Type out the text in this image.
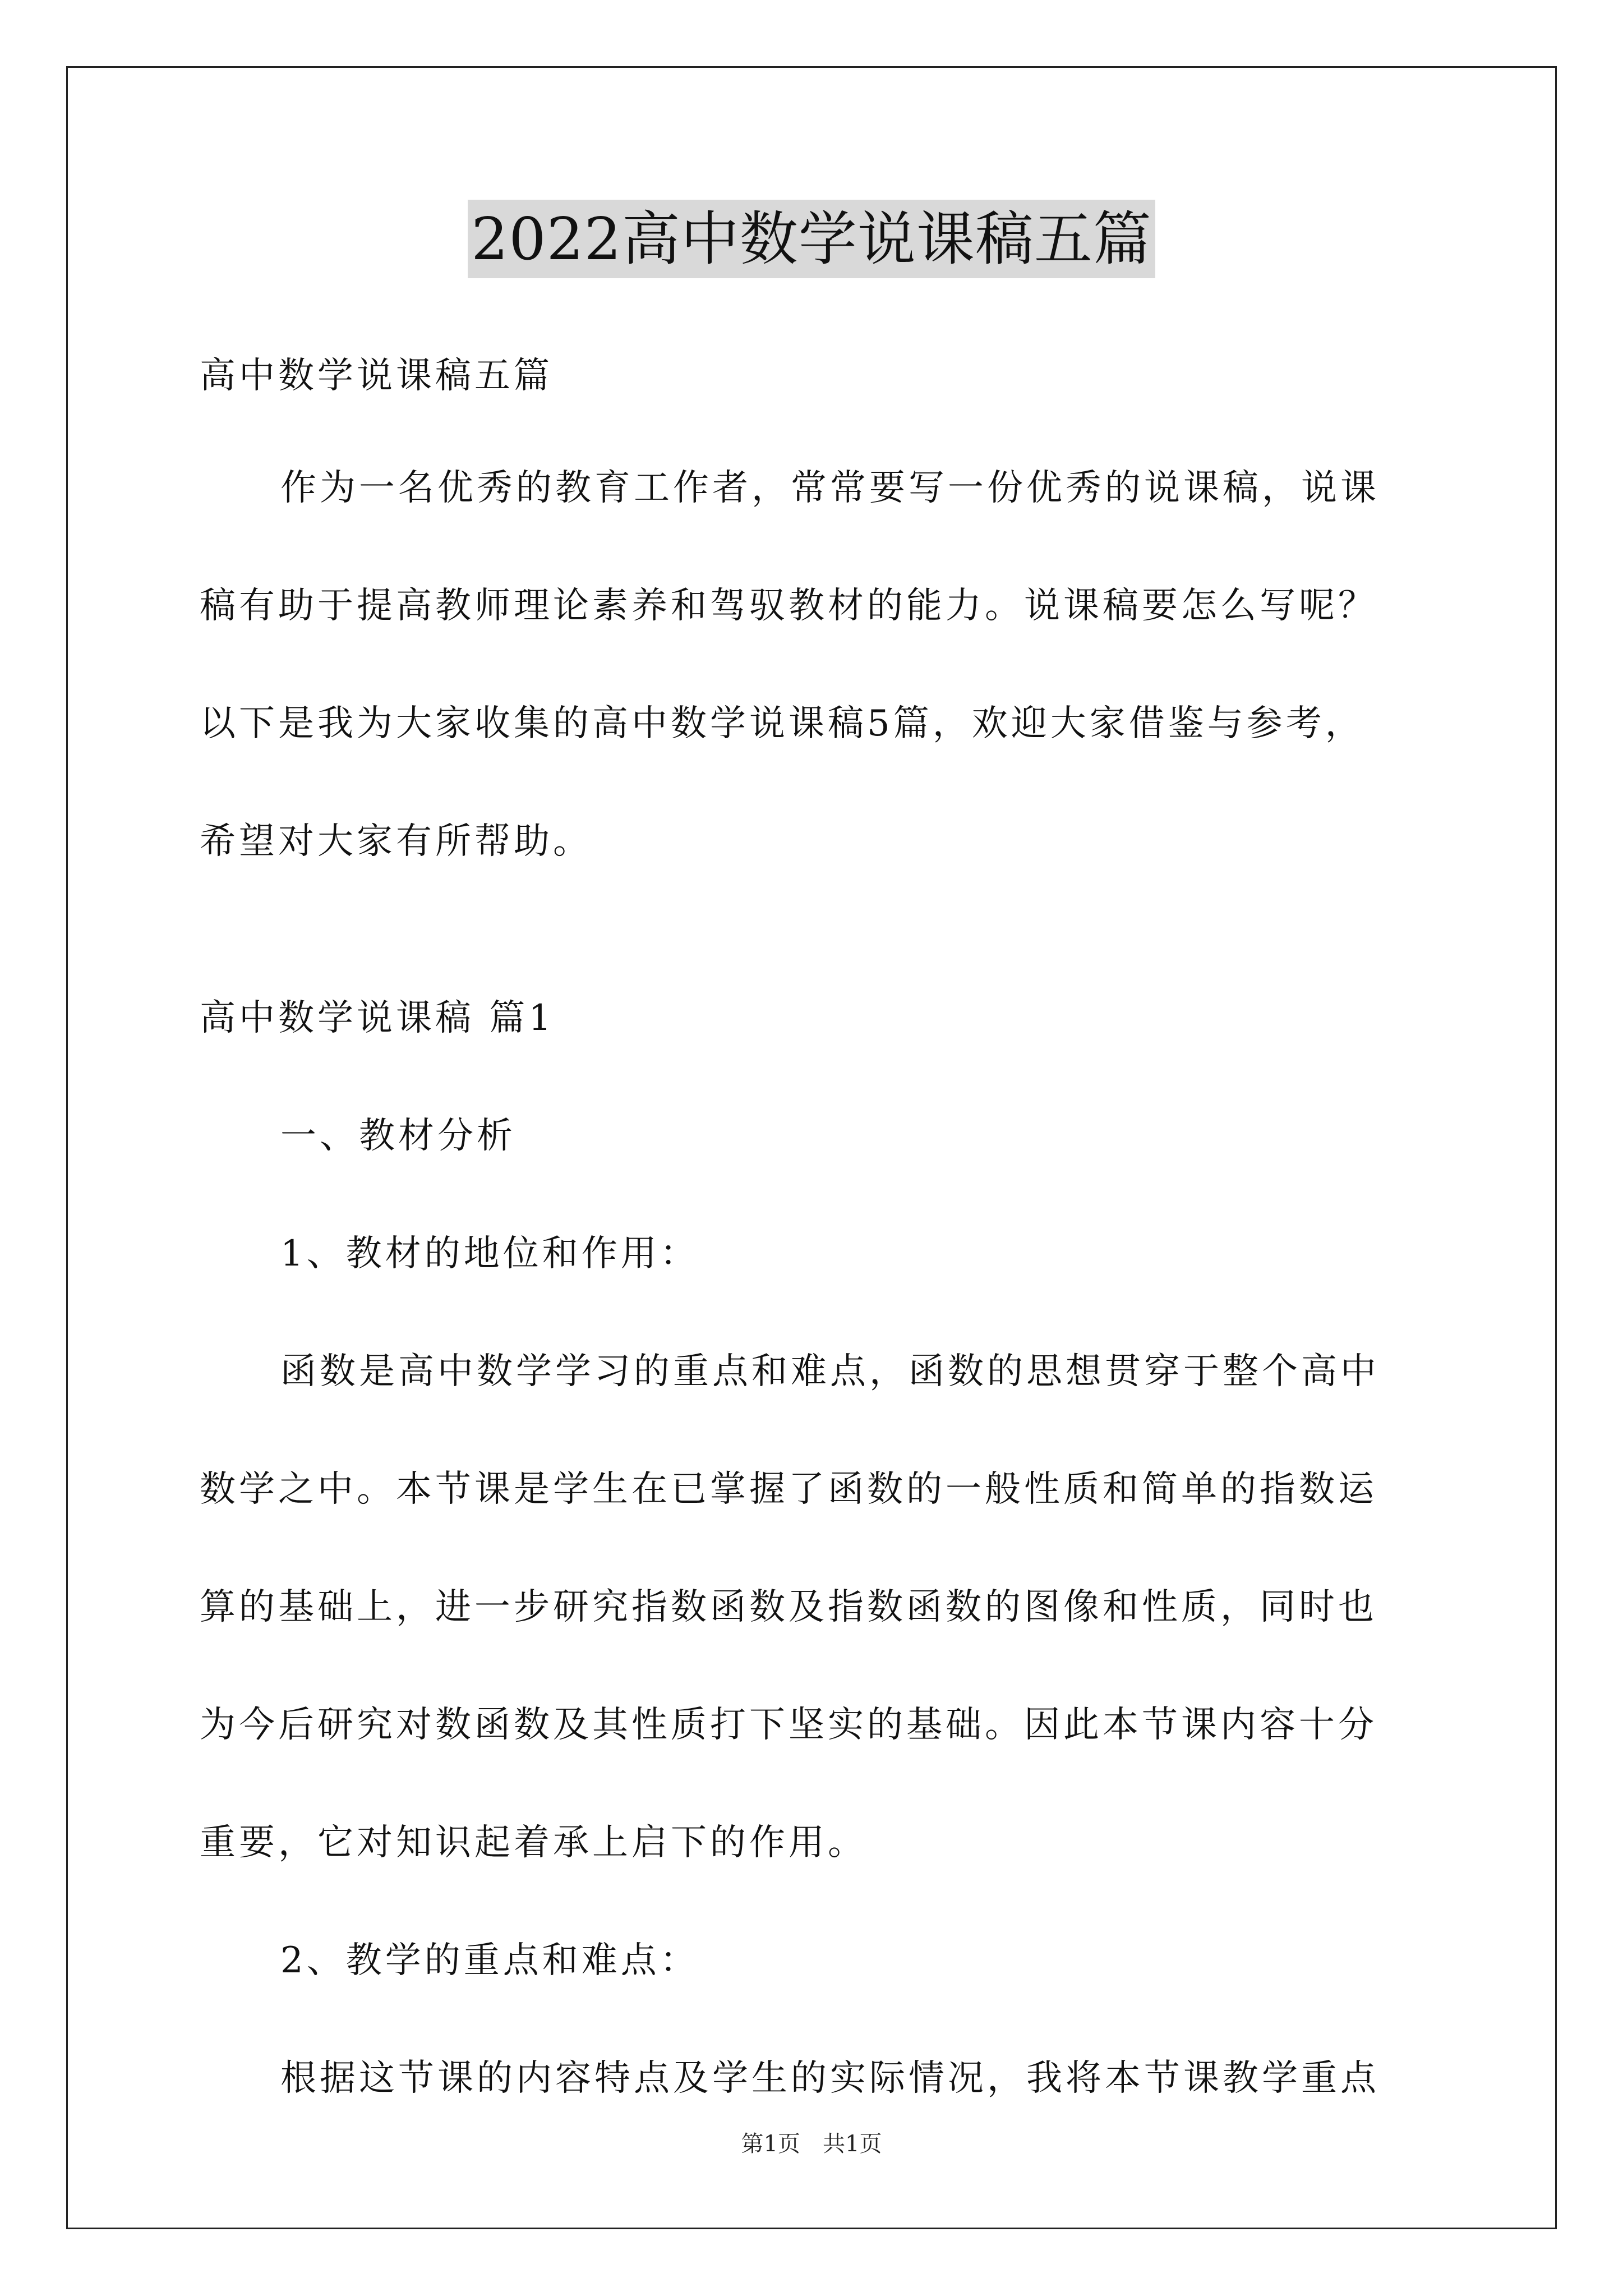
2022高中数学说课稿五篇
高中数学说课稿五篇
作为一名优秀的教育工作者，常常要写一份优秀的说课稿，说课
稿有助于提高教师理论素养和驾驭教材的能力。说课稿要怎么写呢？
以下是我为大家收集的高中数学说课稿5篇，欢迎大家借鉴与参考，
希望对大家有所帮助。
高中数学说课稿 篇1
一、教材分析
1、教材的地位和作用：
函数是高中数学学习的重点和难点，函数的思想贯穿于整个高中
数学之中。本节课是学生在已掌握了函数的一般性质和简单的指数运
算的基础上，进一步研究指数函数及指数函数的图像和性质，同时也
为今后研究对数函数及其性质打下坚实的基础。因此本节课内容十分
重要，它对知识起着承上启下的作用。
2、教学的重点和难点：
根据这节课的内容特点及学生的实际情况，我将本节课教学重点
第1页　共1页
